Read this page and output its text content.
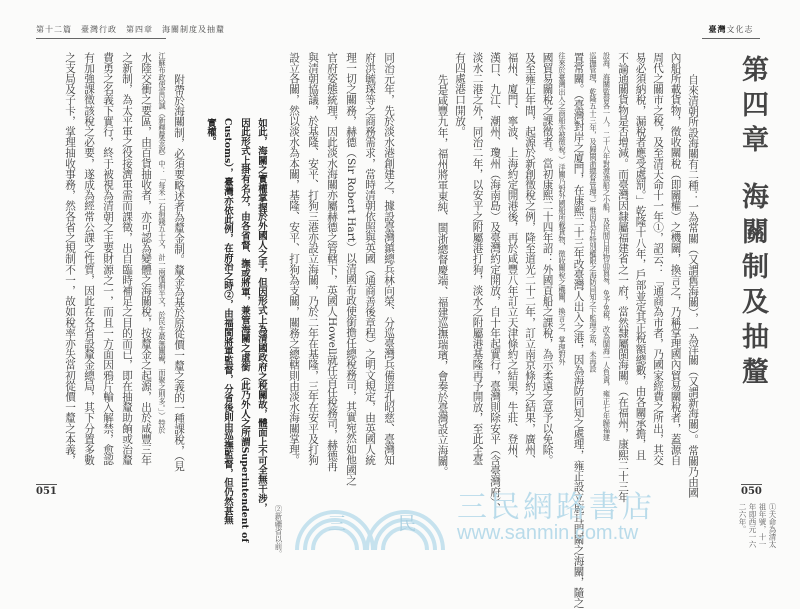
第十二篇　臺灣行政　第四章　海關制度及抽釐	臺灣文化志
第四章海關制及抽釐
自來清朝所設海關有二種：一為常關（又謂舊海關），一為洋關（又謂新海關）。常關乃由國
內船所載貨物，徵收關稅（即關權）之機關，換言之，乃稱掌理國內貿易關稅者，蓋源自
周代之關市之稅，及至清天命十一年①，詔云：「通商為市者，乃國家經費之所出，其交
易必須納稅，漏稅者應受處罰。」乾隆十八年，戶部並定其正稅額總數，由各關承擔，且
不論通關貨物是否增減。而臺灣因隸屬福建省之一府，當然隸屬閩海關。（在福州，康熙二十三年
設海，海關監督各一人，二十八年對渡漁船之小船，及民間日用物品貿易，免予免稅，改為閩海一人負責，雍正七年歸福建
巡撫管理，乾隆五十三年，及歸閩浙總督管理。）惟因具有特別權限之海防同知之下監理之故，未再設
置常關。（臺灣對岸之廈門，在康熙二十三年改臺灣人出入之港，因為海防同知之處理，雍正設立鹿耳門關之海關，隨之
往來於臺灣出入之商船亦被徵稅。）洋關乃對外國船所載貨物，徵收關稅之機關，換言之，掌理對外
國貿易關稅之課徵者。當初康熙二十四年詔：外國貢船之課稅，為示柔遠之意予以免除。
及至雍正年間，起源於新創徵稅之例，降至道光二十二年，訂立南京條約之結果，廣州、
福州、廈門、寧波、上海約定開港後，再於咸豐八年訂立天津條約之結果，牛莊、登州、
漢口、九江、潮州、瓊州（海南島）及臺灣約定開放，自十年起實行，臺灣則除安平（含臺灣府）、
淡水二港之外，同治二年，以安平之附屬港打狗，淡水之附屬港基隆再予開放，至此全臺
有四處港口開放。
先是咸豐九年，福州將軍東純、閩浙總督慶端、福建巡撫瑞璸，會奏於臺灣設立海關。
同治元年，先於淡水港創建之，據設臺灣鎮總兵林向榮、分巡臺灣兵備道孔昭慈、臺灣知
府洪毓琛等之商務需求，當時清朝依照與英國（通商善後章程）之明文規定，由英國人統
理一切之關務，赫德（Sir Robert Hart）以清國布政使銜擔任總稅務司，其實宛然如他國之
官府姿態統理，因此淡水海關亦屬赫德之管轄下，英國人Howell就任首任稅務司，赫德再
與清朝協議，於基隆、安平、打狗三港亦設立海關，乃於二年在基隆，三年在安平及打狗
設立各關，然以淡水為本關，基隆、安平、打狗為支關，關務之總轄則由淡水海關掌理。
如此，海關之實權掌握於外國人之手，但因形式上為清國政府之稅關故，體面上不可全無干涉，
因此形式上掛有名分，由各省督、撫或將軍，兼管海關之虛銜（此乃外人之所謂Superintendent of
Customs），臺灣亦依此例，在府治之時②，由福閩將軍監督，分省後則由巡撫監督，但仍然甚無
實權。
附帶於海關制，必須要略述者為釐金制。釐金為基於原從價一釐之義的一種課稅，（見
江蘇布政使雷以諴（新釋釐金說）中：「每米一石捐錢五十文，計一兩僅捐半文，於民生最無關礙，而聚之則多。」）特於
水陸交衝之要區，由百貨抽收者，亦可認為變體之海關稅，按釐金之起源，出於咸豐三年
之新制，為太平軍之役接濟軍需而課徵，出自臨時補足之目的而已，即在抽釐助餉或治釐
費勇之名義下實行，終于被視為清朝之主要財源之一，而且一方面因鴉片輸入解禁，愈認
有加強課徵該稅之必要，遂成為經常公課之性質，因此在各省設釐金總局，其下分置多數
之支局及子卡，掌理抽收事務，然各省之規制不一，故如稅率亦失當初從價一釐之本義，
051	050
②新疆省以前。	①天命為清太祖年號，十一年即西元一六二六年。
三	民 三民網路書店
www.sanmin.com.tw
